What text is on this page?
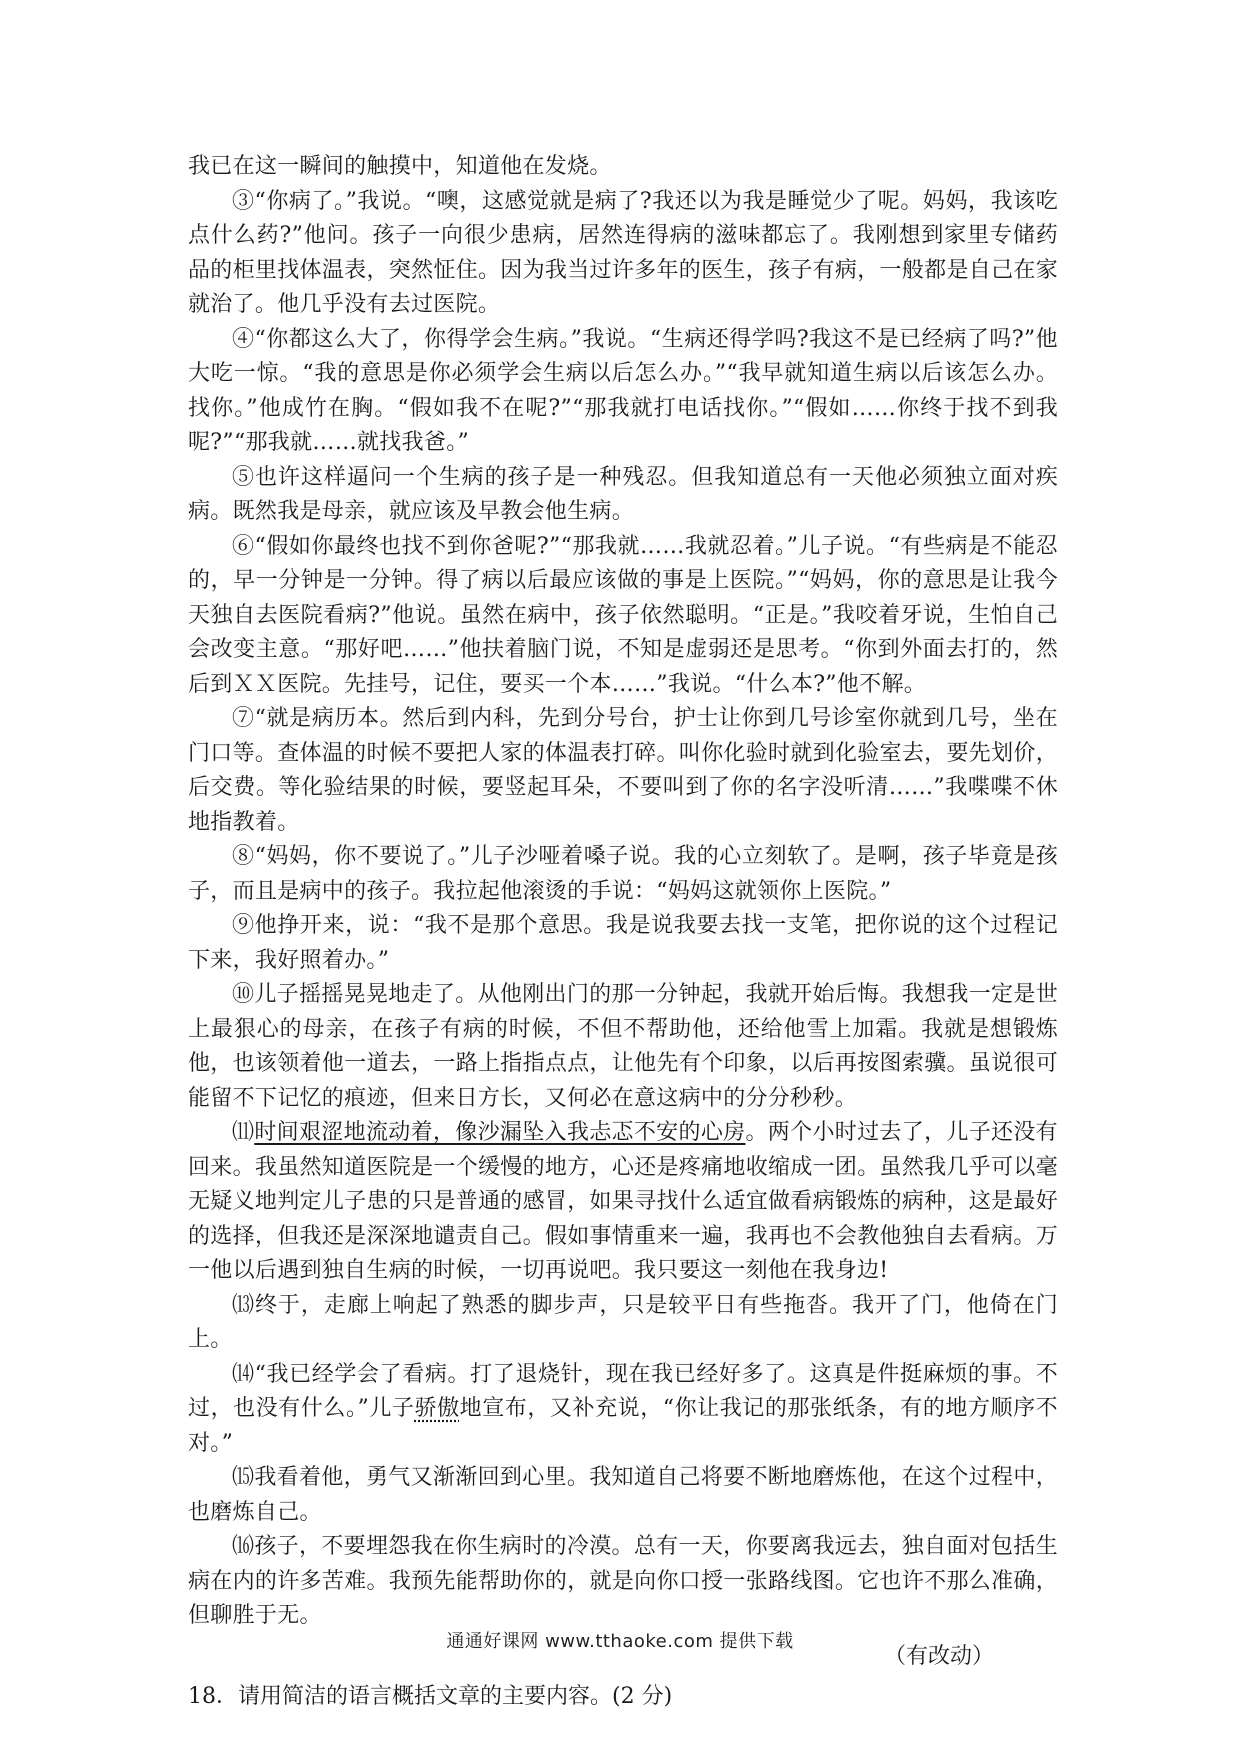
我已在这一瞬间的触摸中，知道他在发烧。

③“你病了。”我说。“噢，这感觉就是病了?我还以为我是睡觉少了呢。妈妈，我该吃点什么药?”他问。孩子一向很少患病，居然连得病的滋味都忘了。我刚想到家里专储药品的柜里找体温表，突然怔住。因为我当过许多年的医生，孩子有病，一般都是自己在家就治了。他几乎没有去过医院。

④“你都这么大了，你得学会生病。”我说。“生病还得学吗?我这不是已经病了吗?”他大吃一惊。“我的意思是你必须学会生病以后怎么办。”“我早就知道生病以后该怎么办。找你。”他成竹在胸。“假如我不在呢?”“那我就打电话找你。”“假如……你终于找不到我呢?”“那我就……就找我爸。”

⑤也许这样逼问一个生病的孩子是一种残忍。但我知道总有一天他必须独立面对疾病。既然我是母亲，就应该及早教会他生病。

⑥“假如你最终也找不到你爸呢?”“那我就……我就忍着。”儿子说。“有些病是不能忍的，早一分钟是一分钟。得了病以后最应该做的事是上医院。”“妈妈，你的意思是让我今天独自去医院看病?”他说。虽然在病中，孩子依然聪明。“正是。”我咬着牙说，生怕自己会改变主意。“那好吧……”他扶着脑门说，不知是虚弱还是思考。“你到外面去打的，然后到ＸＸ医院。先挂号，记住，要买一个本……”我说。“什么本?”他不解。

⑦“就是病历本。然后到内科，先到分号台，护士让你到几号诊室你就到几号，坐在门口等。查体温的时候不要把人家的体温表打碎。叫你化验时就到化验室去，要先划价，后交费。等化验结果的时候，要竖起耳朵，不要叫到了你的名字没听清……”我喋喋不休地指教着。

⑧“妈妈，你不要说了。”儿子沙哑着嗓子说。我的心立刻软了。是啊，孩子毕竟是孩子，而且是病中的孩子。我拉起他滚烫的手说：“妈妈这就领你上医院。”

⑨他挣开来，说：“我不是那个意思。我是说我要去找一支笔，把你说的这个过程记下来，我好照着办。”

⑩儿子摇摇晃晃地走了。从他刚出门的那一分钟起，我就开始后悔。我想我一定是世上最狠心的母亲，在孩子有病的时候，不但不帮助他，还给他雪上加霜。我就是想锻炼他，也该领着他一道去，一路上指指点点，让他先有个印象，以后再按图索骥。虽说很可能留不下记忆的痕迹，但来日方长，又何必在意这病中的分分秒秒。

⑾时间艰涩地流动着，像沙漏坠入我忐忑不安的心房。两个小时过去了，儿子还没有回来。我虽然知道医院是一个缓慢的地方，心还是疼痛地收缩成一团。虽然我几乎可以毫无疑义地判定儿子患的只是普通的感冒，如果寻找什么适宜做看病锻炼的病种，这是最好的选择，但我还是深深地谴责自己。假如事情重来一遍，我再也不会教他独自去看病。万一他以后遇到独自生病的时候，一切再说吧。我只要这一刻他在我身边!

⒀终于，走廊上响起了熟悉的脚步声，只是较平日有些拖沓。我开了门，他倚在门上。

⒁“我已经学会了看病。打了退烧针，现在我已经好多了。这真是件挺麻烦的事。不过，也没有什么。”儿子骄傲地宣布，又补充说，“你让我记的那张纸条，有的地方顺序不对。”

⒂我看着他，勇气又渐渐回到心里。我知道自己将要不断地磨炼他，在这个过程中，也磨炼自己。

⒃孩子，不要埋怨我在你生病时的冷漠。总有一天，你要离我远去，独自面对包括生病在内的许多苦难。我预先能帮助你的，就是向你口授一张路线图。它也许不那么准确，但聊胜于无。

（有改动）

18．请用简洁的语言概括文章的主要内容。(2 分)

通通好课网 www.tthaoke.com 提供下载
